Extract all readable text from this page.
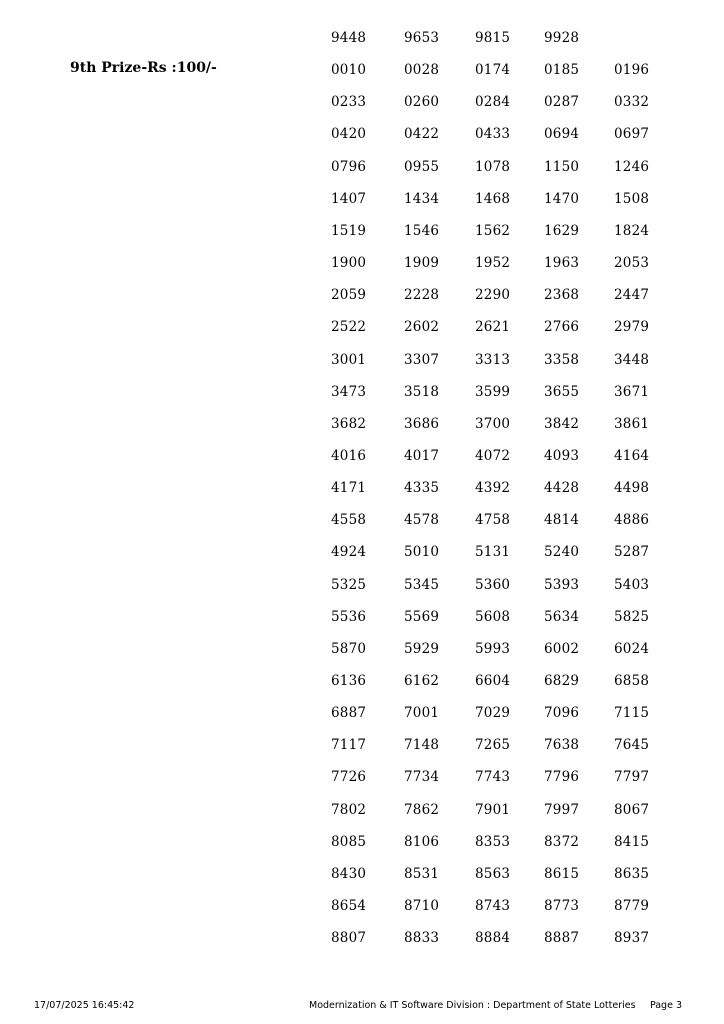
9th Prize-Rs :100/-
9448	9653	9815	9928
0010	0028	0174	0185	0196
0233	0260	0284	0287	0332
0420	0422	0433	0694	0697
0796	0955	1078	1150	1246
1407	1434	1468	1470	1508
1519	1546	1562	1629	1824
1900	1909	1952	1963	2053
2059	2228	2290	2368	2447
2522	2602	2621	2766	2979
3001	3307	3313	3358	3448
3473	3518	3599	3655	3671
3682	3686	3700	3842	3861
4016	4017	4072	4093	4164
4171	4335	4392	4428	4498
4558	4578	4758	4814	4886
4924	5010	5131	5240	5287
5325	5345	5360	5393	5403
5536	5569	5608	5634	5825
5870	5929	5993	6002	6024
6136	6162	6604	6829	6858
6887	7001	7029	7096	7115
7117	7148	7265	7638	7645
7726	7734	7743	7796	7797
7802	7862	7901	7997	8067
8085	8106	8353	8372	8415
8430	8531	8563	8615	8635
8654	8710	8743	8773	8779
8807	8833	8884	8887	8937
17/07/2025 16:45:42	Modernization & IT Software Division : Department of State Lotteries Page 3
